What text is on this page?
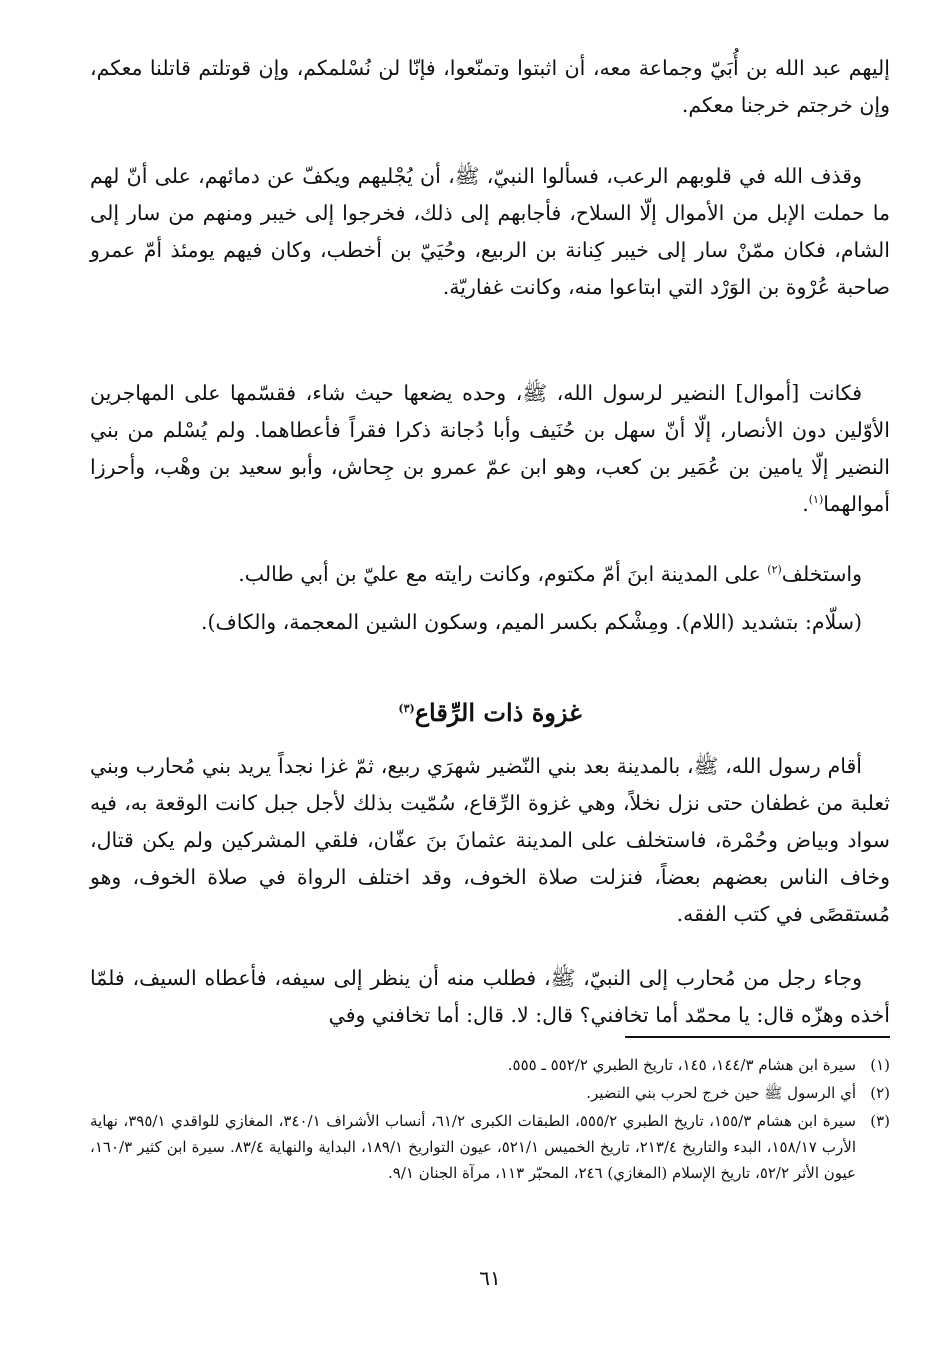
إليهم عبد الله بن أُبَيّ وجماعة معه، أن اثبتوا وتمنّعوا، فإنّا لن نُسْلمكم، وإن قوتلتم قاتلنا معكم، وإن خرجتم خرجنا معكم.

وقذف الله في قلوبهم الرعب، فسألوا النبيّ، ﷺ، أن يُجْليهم ويكفّ عن دمائهم، على أنّ لهم ما حملت الإبل من الأموال إلّا السلاح، فأجابهم إلى ذلك، فخرجوا إلى خيبر ومنهم من سار إلى الشام، فكان ممّنْ سار إلى خيبر كِنانة بن الربيع، وحُيَيّ بن أخطب، وكان فيهم يومئذ أمّ عمرو صاحبة عُرْوة بن الوَرْد التي ابتاعوا منه، وكانت غفاريّة.

فكانت [أموال] النضير لرسول الله، ﷺ، وحده يضعها حيث شاء، فقسّمها على المهاجرين الأوّلين دون الأنصار، إلّا أنّ سهل بن حُنَيف وأبا دُجانة ذكرا فقراً فأعطاهما. ولم يُسْلم من بني النضير إلّا يامين بن عُمَير بن كعب، وهو ابن عمّ عمرو بن جِحاش، وأبو سعيد بن وهْب، وأحرزا أموالهما$^{(١)}$.

واستخلف$^{(٢)}$ على المدينة ابنَ أمّ مكتوم، وكانت رايته مع عليّ بن أبي طالب.

(سلّام: بتشديد (اللام). ومِشْكم بكسر الميم، وسكون الشين المعجمة، والكاف).

غزوة ذات الرِّقاع$^{(٣)}$

أقام رسول الله، ﷺ، بالمدينة بعد بني النّضير شهرَي ربيع، ثمّ غزا نجداً يريد بني مُحارب وبني ثعلبة من غطفان حتى نزل نخلاً، وهي غزوة الرِّقاع، سُمّيت بذلك لأجل جبل كانت الوقعة به، فيه سواد وبياض وحُمْرة، فاستخلف على المدينة عثمانَ بنَ عفّان، فلقي المشركين ولم يكن قتال، وخاف الناس بعضهم بعضاً، فنزلت صلاة الخوف، وقد اختلف الرواة في صلاة الخوف، وهو مُستقصًى في كتب الفقه.

وجاء رجل من مُحارب إلى النبيّ، ﷺ، فطلب منه أن ينظر إلى سيفه، فأعطاه السيف، فلمّا أخذه وهزّه قال: يا محمّد أما تخافني؟ قال: لا. قال: أما تخافني وفي

(١)
سيرة ابن هشام ١٤٤/٣، ١٤٥، تاريخ الطبري ٥٥٢/٢ ـ ٥٥٥.
(٢)
أي الرسول ﷺ حين خرج لحرب بني النضير.
(٣)
سيرة ابن هشام ١٥٥/٣، تاريخ الطبري ٥٥٥/٢، الطبقات الكبرى ٦١/٢، أنساب الأشراف ٣٤٠/١، المغازي للواقدي ٣٩٥/١، نهاية الأرب ١٥٨/١٧، البدء والتاريخ ٢١٣/٤، تاريخ الخميس ٥٢١/١، عيون التواريخ ١٨٩/١، البداية والنهاية ٨٣/٤. سيرة ابن كثير ١٦٠/٣، عيون الأثر ٥٢/٢، تاريخ الإسلام (المغازي) ٢٤٦، المحبّر ١١٣، مرآة الجنان ٩/١.

٦١
